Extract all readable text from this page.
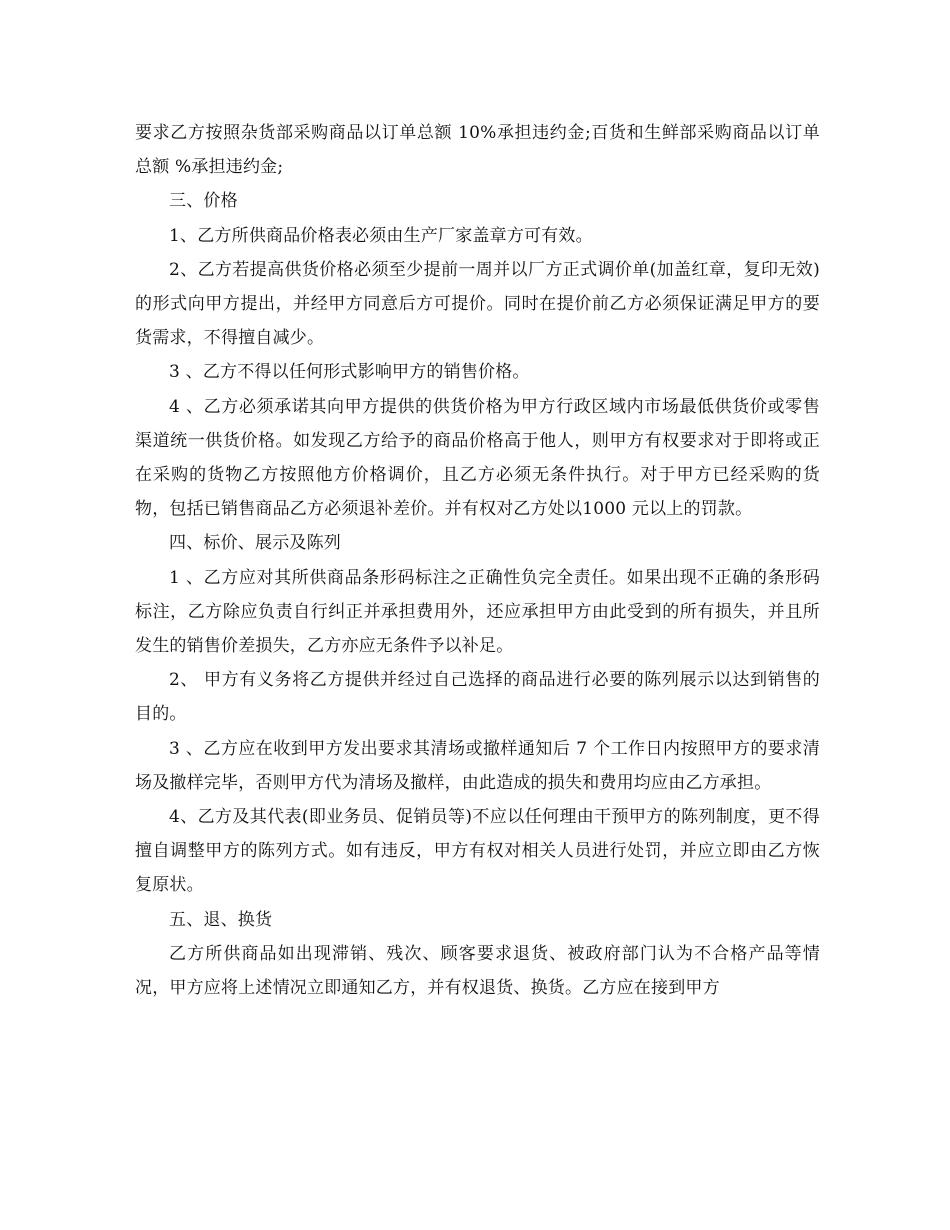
要求乙方按照杂货部采购商品以订单总额 10%承担违约金;百货和生鲜部采购商品以订单总额 %承担违约金;

三、价格

1、乙方所供商品价格表必须由生产厂家盖章方可有效。

2、乙方若提高供货价格必须至少提前一周并以厂方正式调价单(加盖红章，复印无效)的形式向甲方提出，并经甲方同意后方可提价。同时在提价前乙方必须保证满足甲方的要货需求，不得擅自减少。

3 、乙方不得以任何形式影响甲方的销售价格。

4 、乙方必须承诺其向甲方提供的供货价格为甲方行政区域内市场最低供货价或零售渠道统一供货价格。如发现乙方给予的商品价格高于他人，则甲方有权要求对于即将或正在采购的货物乙方按照他方价格调价，且乙方必须无条件执行。对于甲方已经采购的货物，包括已销售商品乙方必须退补差价。并有权对乙方处以1000 元以上的罚款。

四、标价、展示及陈列

1 、乙方应对其所供商品条形码标注之正确性负完全责任。如果出现不正确的条形码标注，乙方除应负责自行纠正并承担费用外，还应承担甲方由此受到的所有损失，并且所发生的销售价差损失，乙方亦应无条件予以补足。

2、 甲方有义务将乙方提供并经过自己选择的商品进行必要的陈列展示以达到销售的目的。

3 、乙方应在收到甲方发出要求其清场或撤样通知后 7 个工作日内按照甲方的要求清场及撤样完毕，否则甲方代为清场及撤样，由此造成的损失和费用均应由乙方承担。

4、乙方及其代表(即业务员、促销员等)不应以任何理由干预甲方的陈列制度，更不得擅自调整甲方的陈列方式。如有违反，甲方有权对相关人员进行处罚，并应立即由乙方恢复原状。

五、退、换货

乙方所供商品如出现滞销、残次、顾客要求退货、被政府部门认为不合格产品等情况，甲方应将上述情况立即通知乙方，并有权退货、换货。乙方应在接到甲方
